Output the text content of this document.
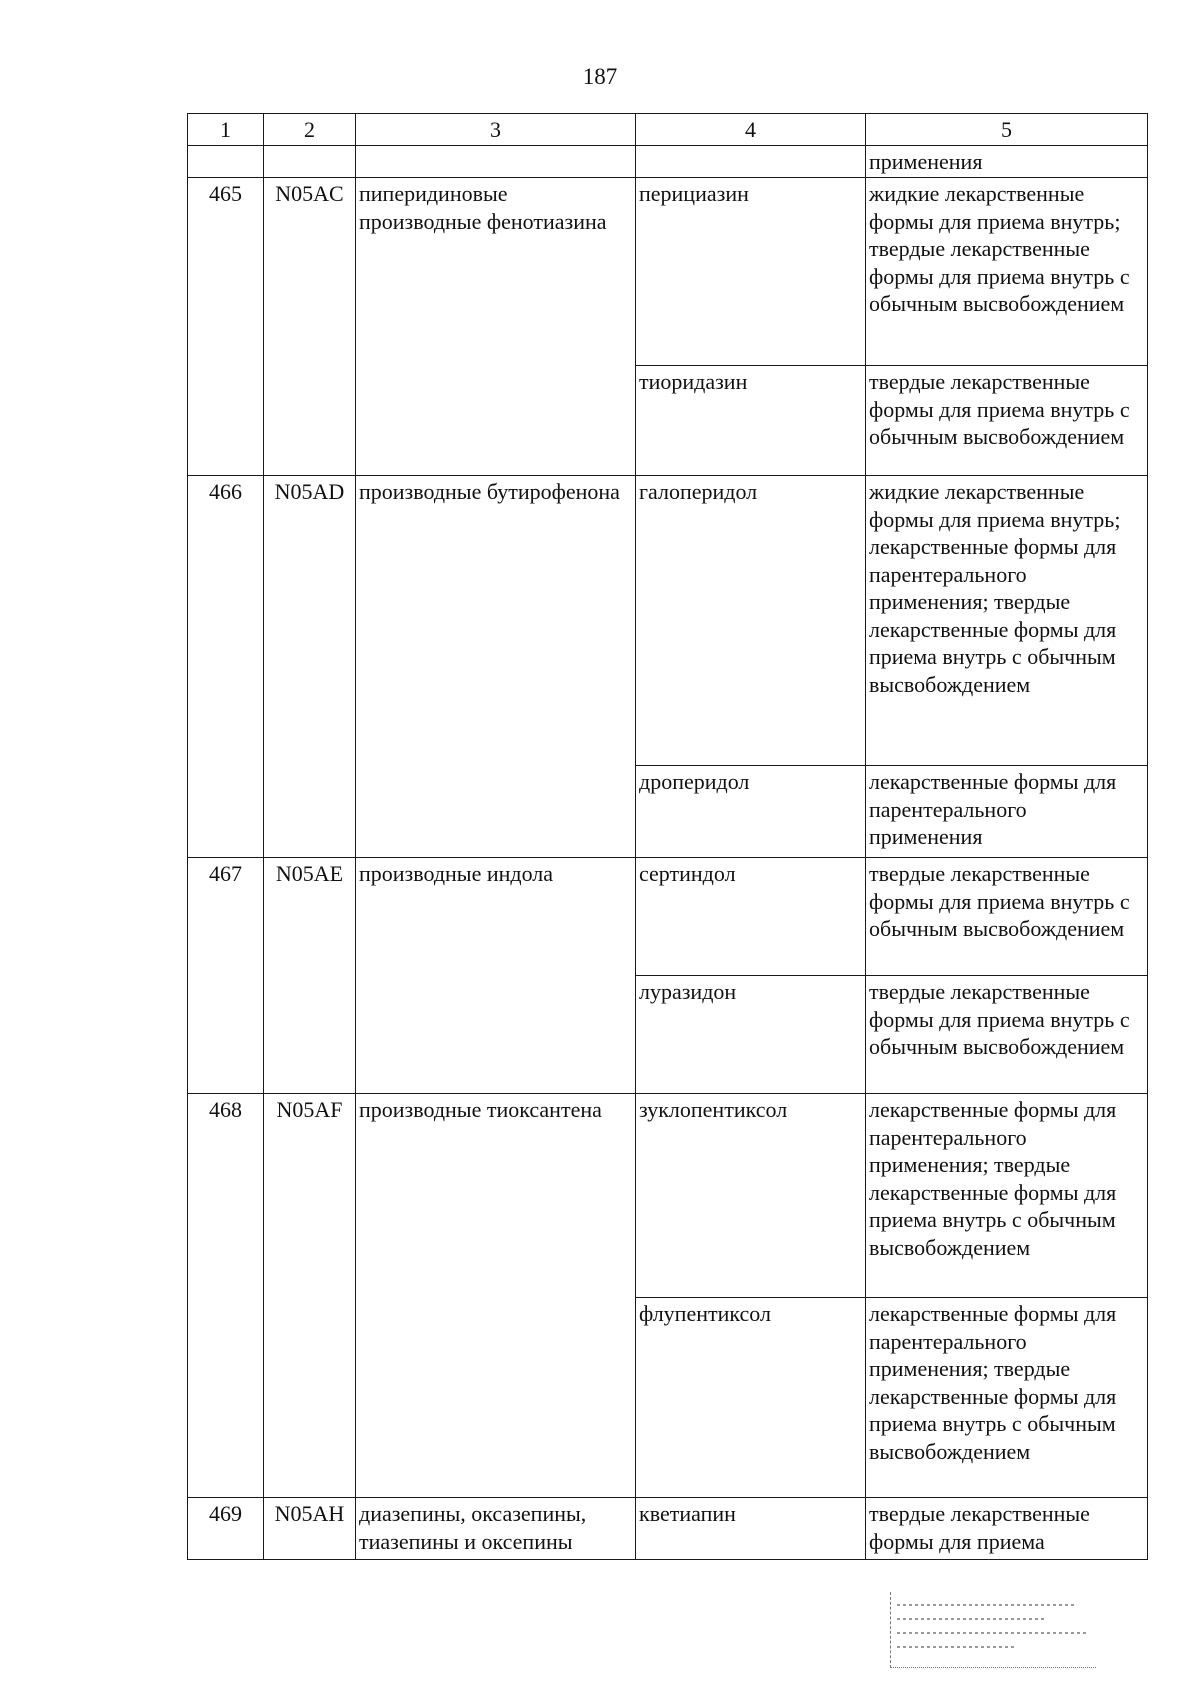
187
1	2	3	4	5
				применения
465	N05AC	пиперидиновые производные фенотиазина	перициазин	жидкие лекарственные формы для приема внутрь; твердые лекарственные формы для приема внутрь с обычным высвобождением
			тиоридазин	твердые лекарственные формы для приема внутрь с обычным высвобождением
466	N05AD	производные бутирофенона	галоперидол	жидкие лекарственные формы для приема внутрь; лекарственные формы для парентерального применения; твердые лекарственные формы для приема внутрь с обычным высвобождением
			дроперидол	лекарственные формы для парентерального применения
467	N05AE	производные индола	сертиндол	твердые лекарственные формы для приема внутрь с обычным высвобождением
			луразидон	твердые лекарственные формы для приема внутрь с обычным высвобождением
468	N05AF	производные тиоксантена	зуклопентиксол	лекарственные формы для парентерального применения; твердые лекарственные формы для приема внутрь с обычным высвобождением
			флупентиксол	лекарственные формы для парентерального применения; твердые лекарственные формы для приема внутрь с обычным высвобождением
469	N05AH	диазепины, оксазепины, тиазепины и оксепины	кветиапин	твердые лекарственные формы для приема
